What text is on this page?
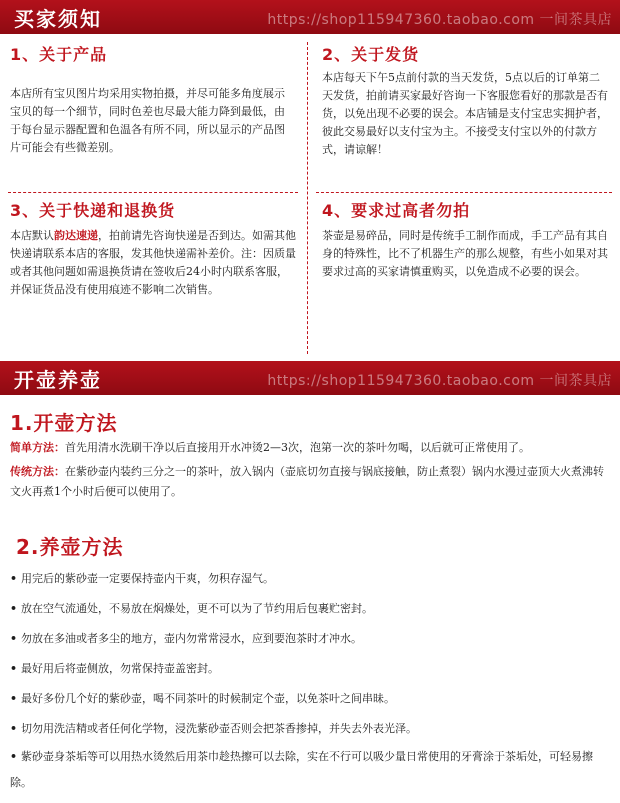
买家须知	https://shop115947360.taobao.com 一间茶具店
1、关于产品

本店所有宝贝图片均采用实物拍摄，并尽可能多角度展示宝贝的每一个细节，同时色差也尽最大能力降到最低，由于每台显示器配置和色温各有所不同，所以显示的产品图片可能会有些微差别。

2、关于发货

本店每天下午5点前付款的当天发货，5点以后的订单第二天发货，拍前请买家最好咨询一下客服您看好的那款是否有货，以免出现不必要的误会。本店铺是支付宝忠实拥护者，彼此交易最好以支付宝为主。不接受支付宝以外的付款方式，请谅解！

3、关于快递和退换货

本店默认韵达速递，拍前请先咨询快递是否到达。如需其他快递请联系本店的客服，发其他快递需补差价。注：因质量或者其他问题如需退换货请在签收后24小时内联系客服，并保证货品没有使用痕迹不影响二次销售。

4、要求过高者勿拍

茶壶是易碎品，同时是传统手工制作而成，手工产品有其自身的特殊性，比不了机器生产的那么规整，有些小如果对其要求过高的买家请慎重购买，以免造成不必要的误会。

开壶养壶	https://shop115947360.taobao.com 一间茶具店
1.开壶方法
简单方法：首先用清水洗刷干净以后直接用开水冲烫2—3次，泡第一次的茶叶勿喝，以后就可正常使用了。
传统方法：在紫砂壶内装约三分之一的茶叶，放入锅内（壶底切勿直接与锅底接触，防止煮裂）锅内水漫过壶顶大火煮沸转文火再煮1个小时后便可以使用了。
2.养壶方法
• 用完后的紫砂壶一定要保持壶内干爽，勿积存湿气。
• 放在空气流通处，不易放在焖燥处，更不可以为了节约用后包裹贮密封。
• 勿放在多油或者多尘的地方，壶内勿常常浸水，应到要泡茶时才冲水。
• 最好用后将壶侧放，勿常保持壶盖密封。
• 最好多份几个好的紫砂壶，喝不同茶叶的时候制定个壶，以免茶叶之间串昧。
• 切勿用洗洁精或者任何化学物，浸洗紫砂壶否则会把茶香掺掉，并失去外表光泽。
• 紫砂壶身茶垢等可以用热水烫然后用茶巾趁热擦可以去除，实在不行可以吸少量日常使用的牙膏涂于茶垢处，可轻易擦除。
